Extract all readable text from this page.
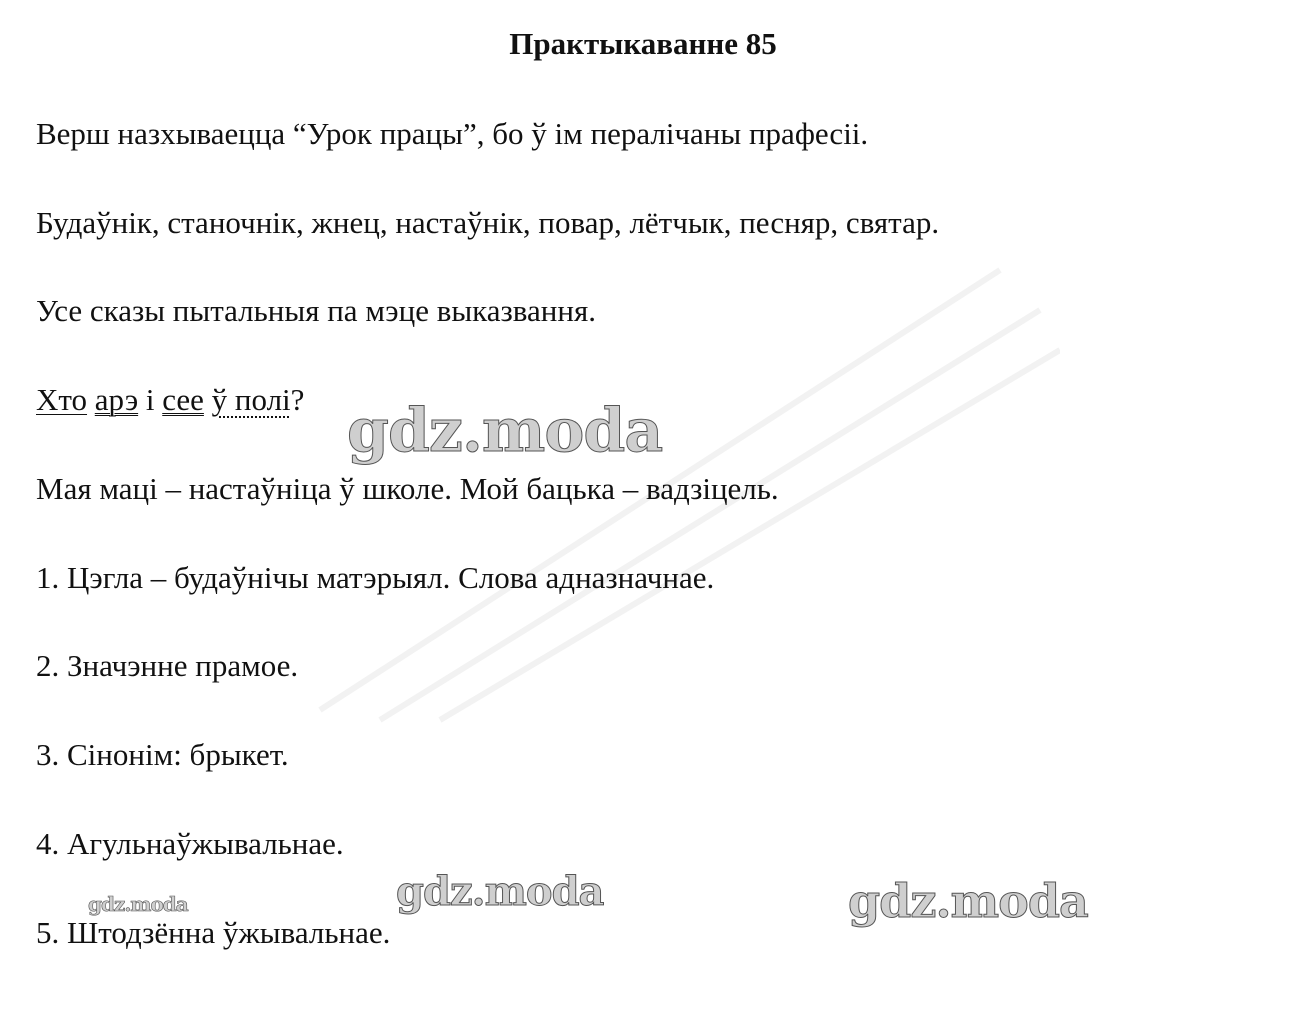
Практыкаванне 85
Верш назхываецца “Урок працы”, бо ў ім пералічаны прафесіі.
Будаўнік, станочнік, жнец, настаўнік, повар, лётчык, песняр, святар.
Усе сказы пытальныя па мэце выказвання.
Хто арэ і сее ў полі? gdz.moda
Мая маці – настаўніца ў школе. Мой бацька – вадзіцель.
1. Цэгла – будаўнічы матэрыял. Слова адназначнае.
2. Значэнне прамое.
3. Сінонім: брыкет.
4. Агульнаўжывальнае.
gdz.moda	gdz.moda	gdz.moda
5. Штодзённа ўжывальнае.
